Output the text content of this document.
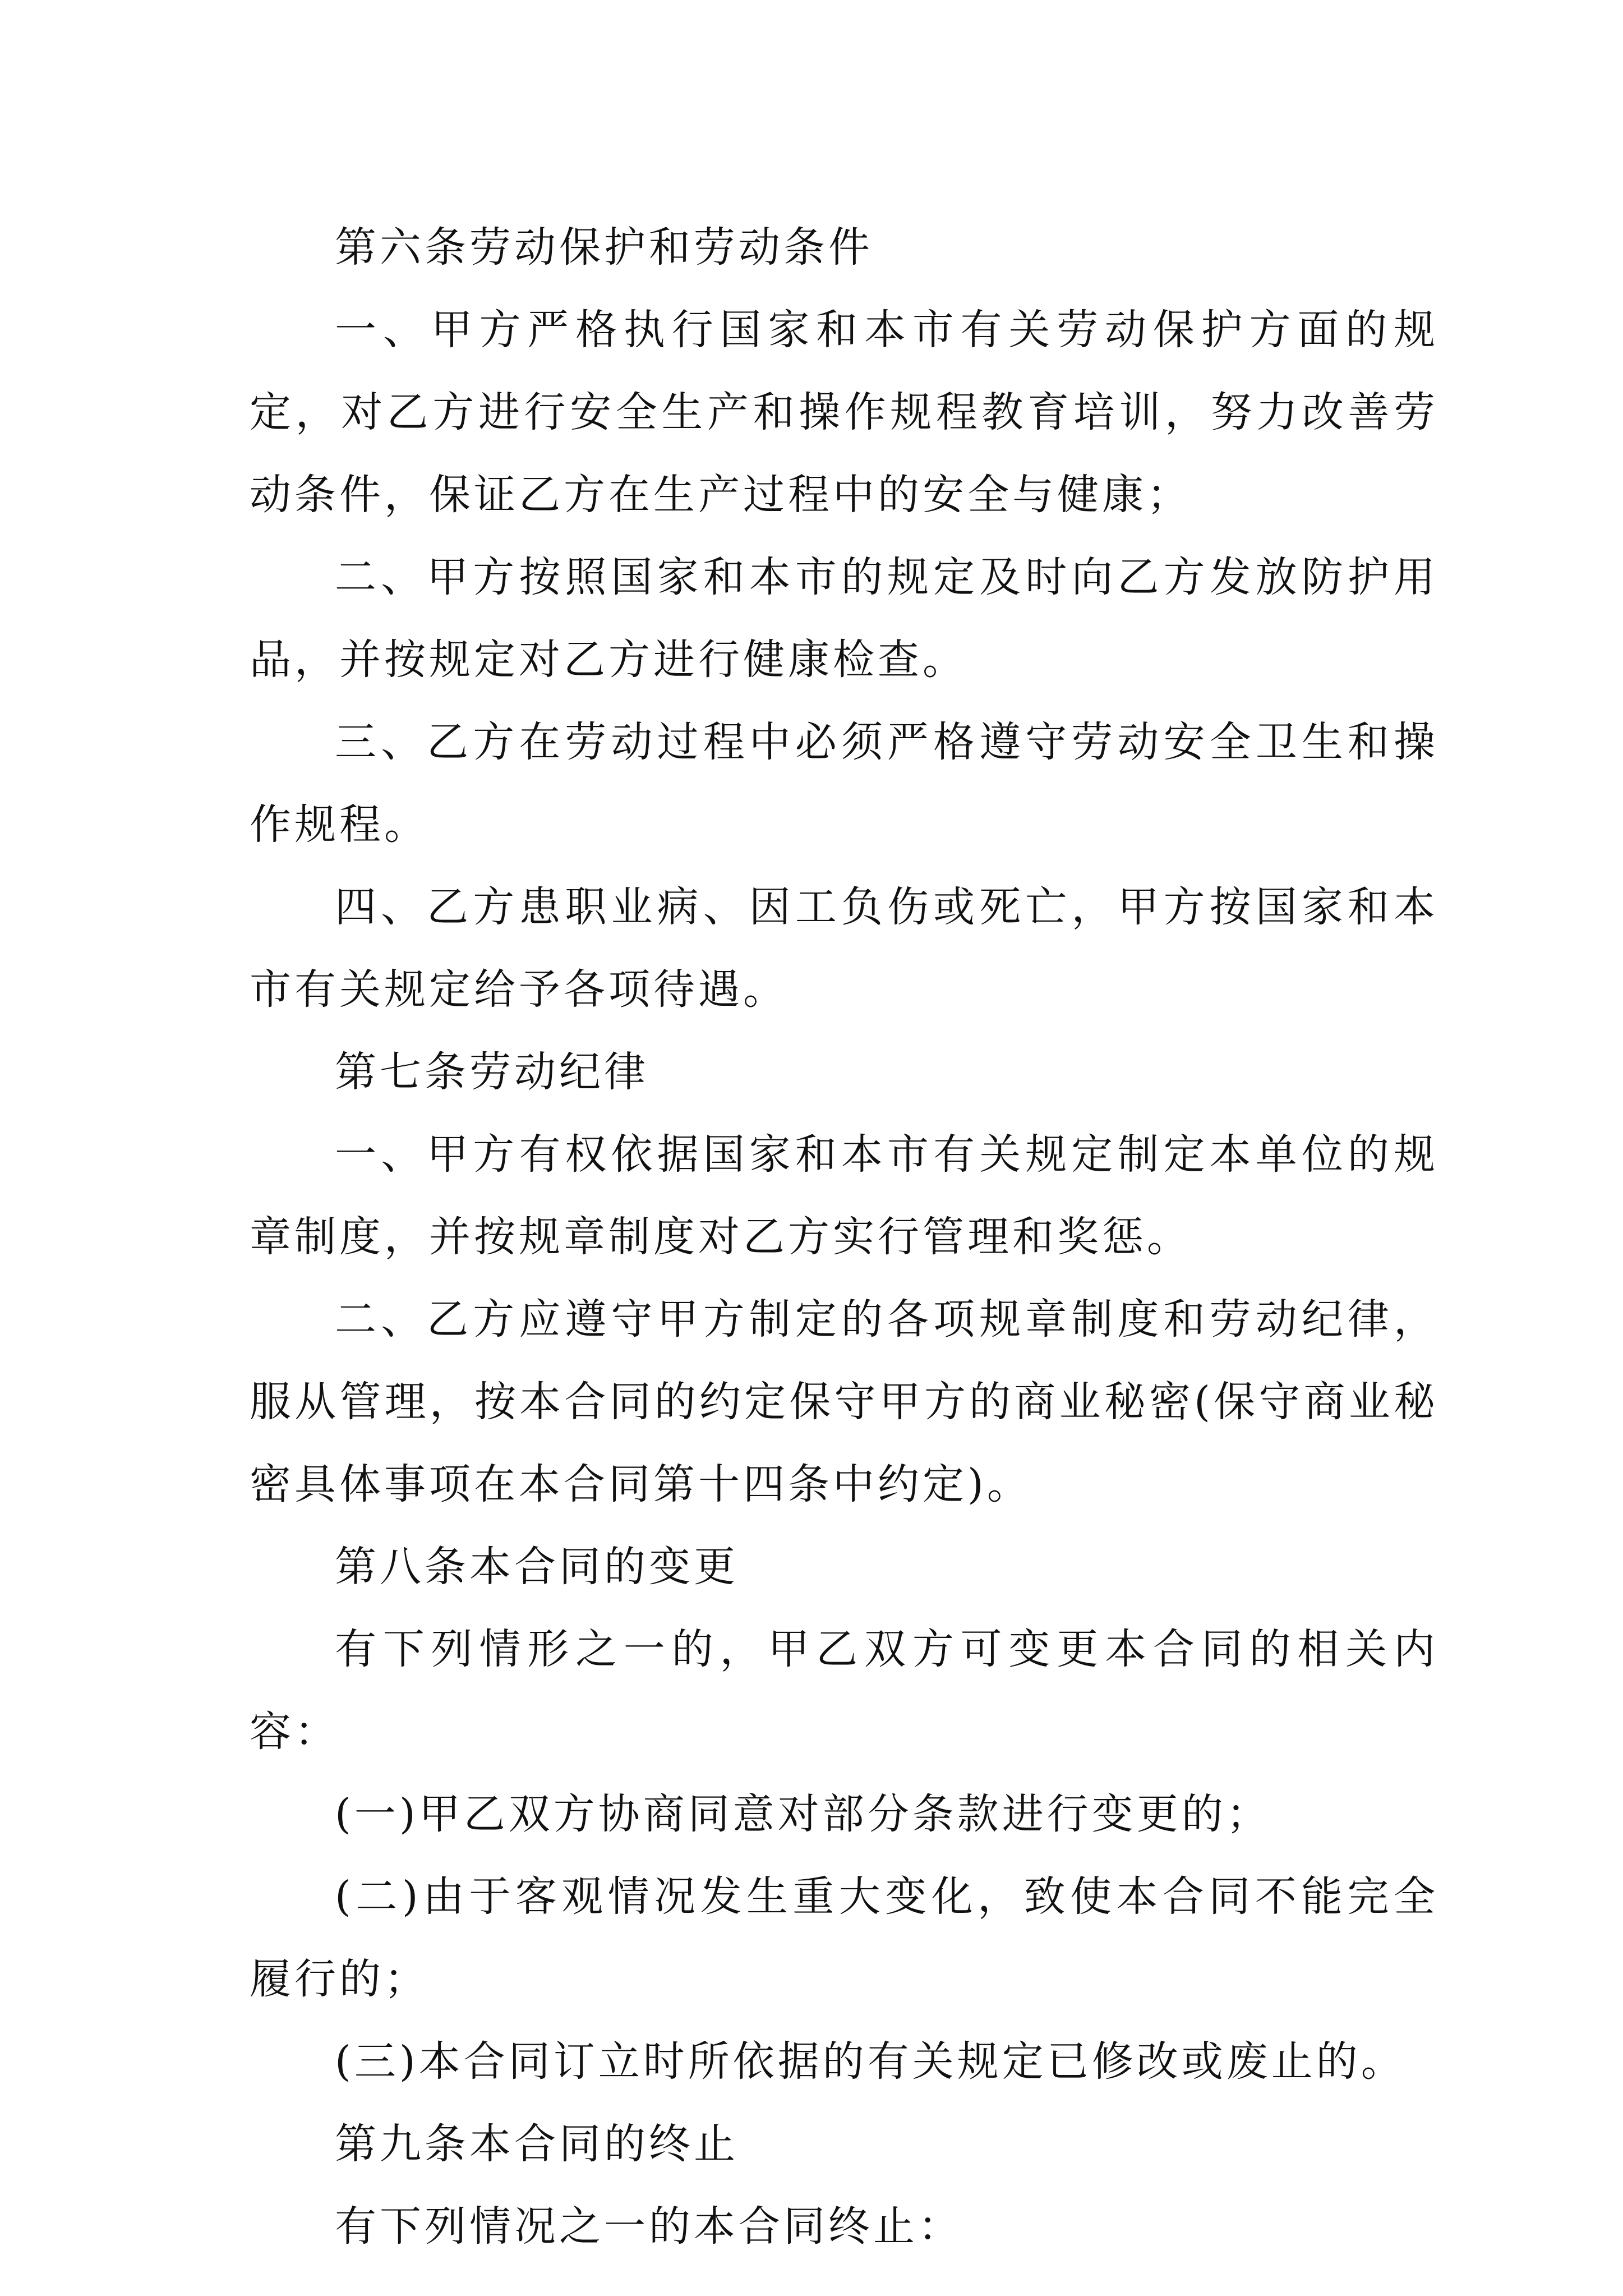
第六条劳动保护和劳动条件

一、甲方严格执行国家和本市有关劳动保护方面的规定，对乙方进行安全生产和操作规程教育培训，努力改善劳动条件，保证乙方在生产过程中的安全与健康；

二、甲方按照国家和本市的规定及时向乙方发放防护用品，并按规定对乙方进行健康检查。

三、乙方在劳动过程中必须严格遵守劳动安全卫生和操作规程。

四、乙方患职业病、因工负伤或死亡，甲方按国家和本市有关规定给予各项待遇。

第七条劳动纪律

一、甲方有权依据国家和本市有关规定制定本单位的规章制度，并按规章制度对乙方实行管理和奖惩。

二、乙方应遵守甲方制定的各项规章制度和劳动纪律，服从管理，按本合同的约定保守甲方的商业秘密(保守商业秘密具体事项在本合同第十四条中约定)。

第八条本合同的变更

有下列情形之一的，甲乙双方可变更本合同的相关内容：

(一)甲乙双方协商同意对部分条款进行变更的；

(二)由于客观情况发生重大变化，致使本合同不能完全履行的；

(三)本合同订立时所依据的有关规定已修改或废止的。

第九条本合同的终止

有下列情况之一的本合同终止：
